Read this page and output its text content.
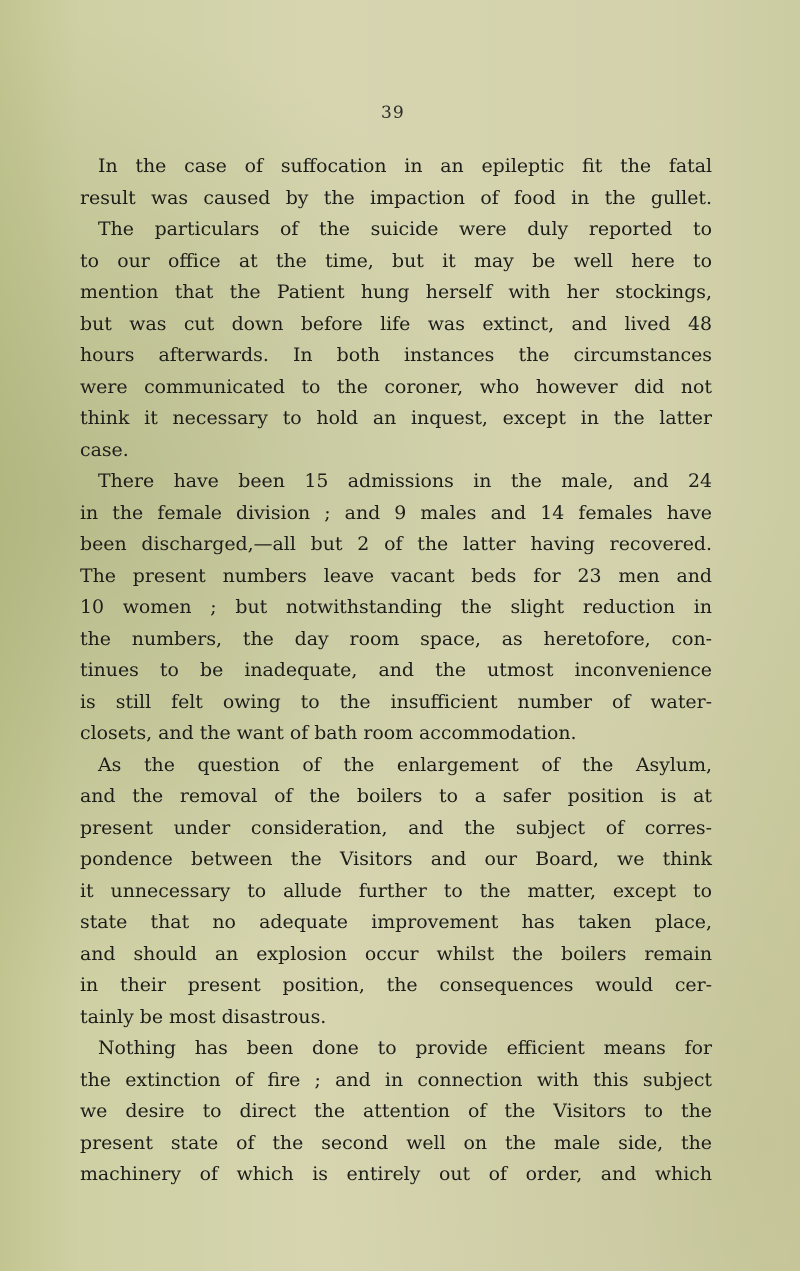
39
In the case of suffocation in an epileptic fit the fatal
result was caused by the impaction of food in the gullet.
The particulars of the suicide were duly reported to
to our office at the time, but it may be well here to
mention that the Patient hung herself with her stockings,
but was cut down before life was extinct, and lived 48
hours afterwards. In both instances the circumstances
were communicated to the coroner, who however did not
think it necessary to hold an inquest, except in the latter
case.
There have been 15 admissions in the male, and 24
in the female division ; and 9 males and 14 females have
been discharged,—all but 2 of the latter having recovered.
The present numbers leave vacant beds for 23 men and
10 women ; but notwithstanding the slight reduction in
the numbers, the day room space, as heretofore, con-
tinues to be inadequate, and the utmost inconvenience
is still felt owing to the insufficient number of water-
closets, and the want of bath room accommodation.
As the question of the enlargement of the Asylum,
and the removal of the boilers to a safer position is at
present under consideration, and the subject of corres-
pondence between the Visitors and our Board, we think
it unnecessary to allude further to the matter, except to
state that no adequate improvement has taken place,
and should an explosion occur whilst the boilers remain
in their present position, the consequences would cer-
tainly be most disastrous.
Nothing has been done to provide efficient means for
the extinction of fire ; and in connection with this subject
we desire to direct the attention of the Visitors to the
present state of the second well on the male side, the
machinery of which is entirely out of order, and which
